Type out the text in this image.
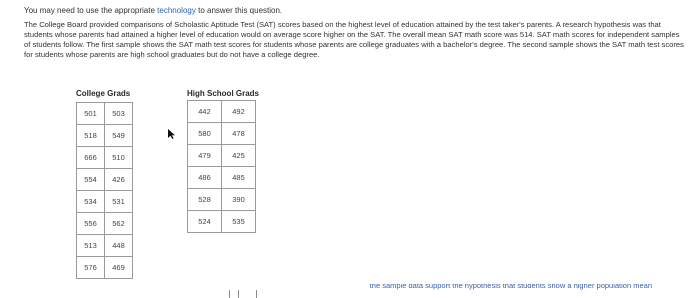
You may need to use the appropriate technology to answer this question.
The College Board provided comparisons of Scholastic Aptitude Test (SAT) scores based on the highest level of education attained by the test taker's parents. A research hypothesis was that students whose parents had attained a higher level of education would on average score higher on the SAT. The overall mean SAT math score was 514. SAT math scores for independent samples of students follow. The first sample shows the SAT math test scores for students whose parents are college graduates with a bachelor's degree. The second sample shows the SAT math test scores for students whose parents are high school graduates but do not have a college degree.
College Grads
501	503
518	549
666	510
554	426
534	531
556	562
513	448
576	469
High School Grads
442	492
580	478
479	425
486	485
528	390
524	535
the sample data support the hypothesis that students show a higher population mean
